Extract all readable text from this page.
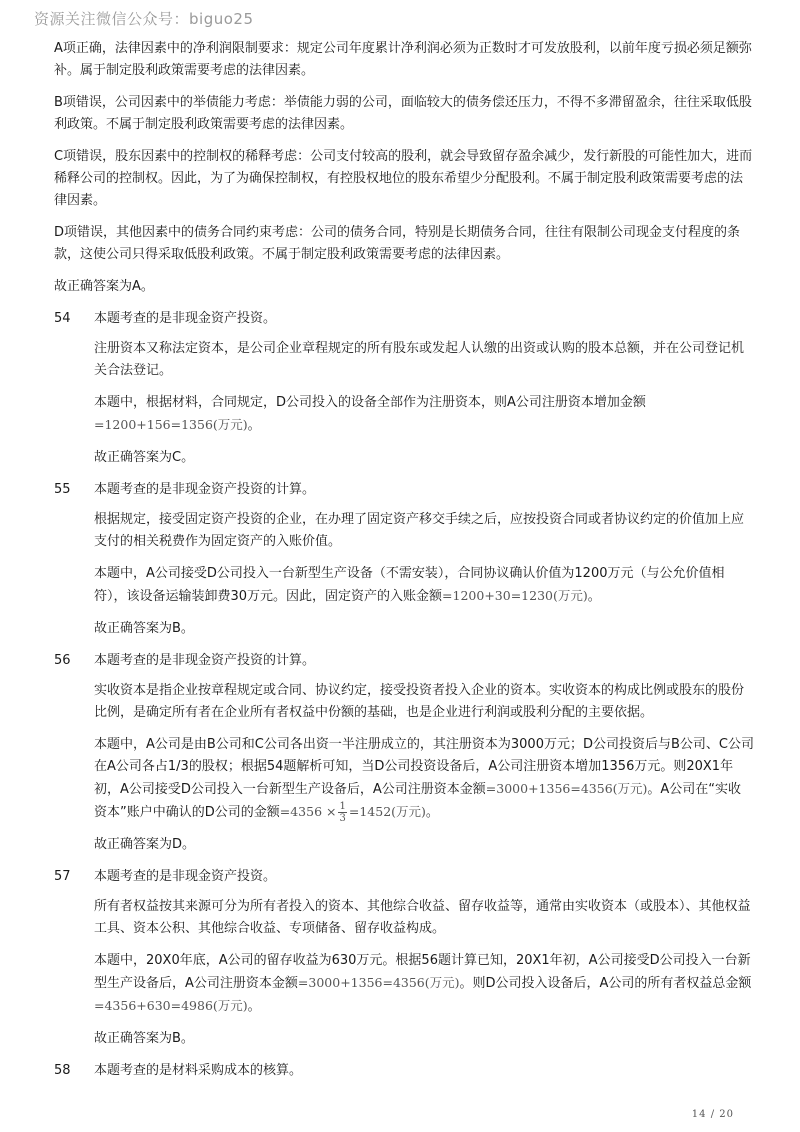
资源关注微信公众号：biguo25

A项正确，法律因素中的净利润限制要求：规定公司年度累计净利润必须为正数时才可发放股利，以前年度亏损必须足额弥补。属于制定股利政策需要考虑的法律因素。

B项错误，公司因素中的举债能力考虑：举债能力弱的公司，面临较大的债务偿还压力，不得不多滞留盈余，往往采取低股利政策。不属于制定股利政策需要考虑的法律因素。

C项错误，股东因素中的控制权的稀释考虑：公司支付较高的股利，就会导致留存盈余减少，发行新股的可能性加大，进而稀释公司的控制权。因此，为了为确保控制权，有控股权地位的股东希望少分配股利。不属于制定股利政策需要考虑的法律因素。

D项错误，其他因素中的债务合同约束考虑：公司的债务合同，特别是长期债务合同，往往有限制公司现金支付程度的条款，这使公司只得采取低股利政策。不属于制定股利政策需要考虑的法律因素。

故正确答案为A。

54	本题考查的是非现金资产投资。

注册资本又称法定资本，是公司企业章程规定的所有股东或发起人认缴的出资或认购的股本总额，并在公司登记机关合法登记。

本题中，根据材料，合同规定，D公司投入的设备全部作为注册资本，则A公司注册资本增加金额=1200+156=1356(万元)。

故正确答案为C。

55	本题考查的是非现金资产投资的计算。

根据规定，接受固定资产投资的企业，在办理了固定资产移交手续之后，应按投资合同或者协议约定的价值加上应支付的相关税费作为固定资产的入账价值。

本题中，A公司接受D公司投入一台新型生产设备（不需安装），合同协议确认价值为1200万元（与公允价值相符），该设备运输装卸费30万元。因此，固定资产的入账金额=1200+30=1230(万元)。

故正确答案为B。

56	本题考查的是非现金资产投资的计算。

实收资本是指企业按章程规定或合同、协议约定，接受投资者投入企业的资本。实收资本的构成比例或股东的股份比例，是确定所有者在企业所有者权益中份额的基础，也是企业进行利润或股利分配的主要依据。

本题中，A公司是由B公司和C公司各出资一半注册成立的，其注册资本为3000万元；D公司投资后与B公司、C公司在A公司各占1/3的股权；根据54题解析可知，当D公司投资设备后，A公司注册资本增加1356万元。则20X1年初，A公司接受D公司投入一台新型生产设备后，A公司注册资本金额=3000+1356=4356(万元)。A公司在“实收资本”账户中确认的D公司的金额$=4356 \times \frac{1}{3} =1452$(万元)。

故正确答案为D。

57	本题考查的是非现金资产投资。

所有者权益按其来源可分为所有者投入的资本、其他综合收益、留存收益等，通常由实收资本（或股本）、其他权益工具、资本公积、其他综合收益、专项储备、留存收益构成。

本题中，20X0年底，A公司的留存收益为630万元。根据56题计算已知，20X1年初，A公司接受D公司投入一台新型生产设备后，A公司注册资本金额=3000+1356=4356(万元)。则D公司投入设备后，A公司的所有者权益总金额=4356+630=4986(万元)。

故正确答案为B。

58	本题考查的是材料采购成本的核算。
14 / 20
